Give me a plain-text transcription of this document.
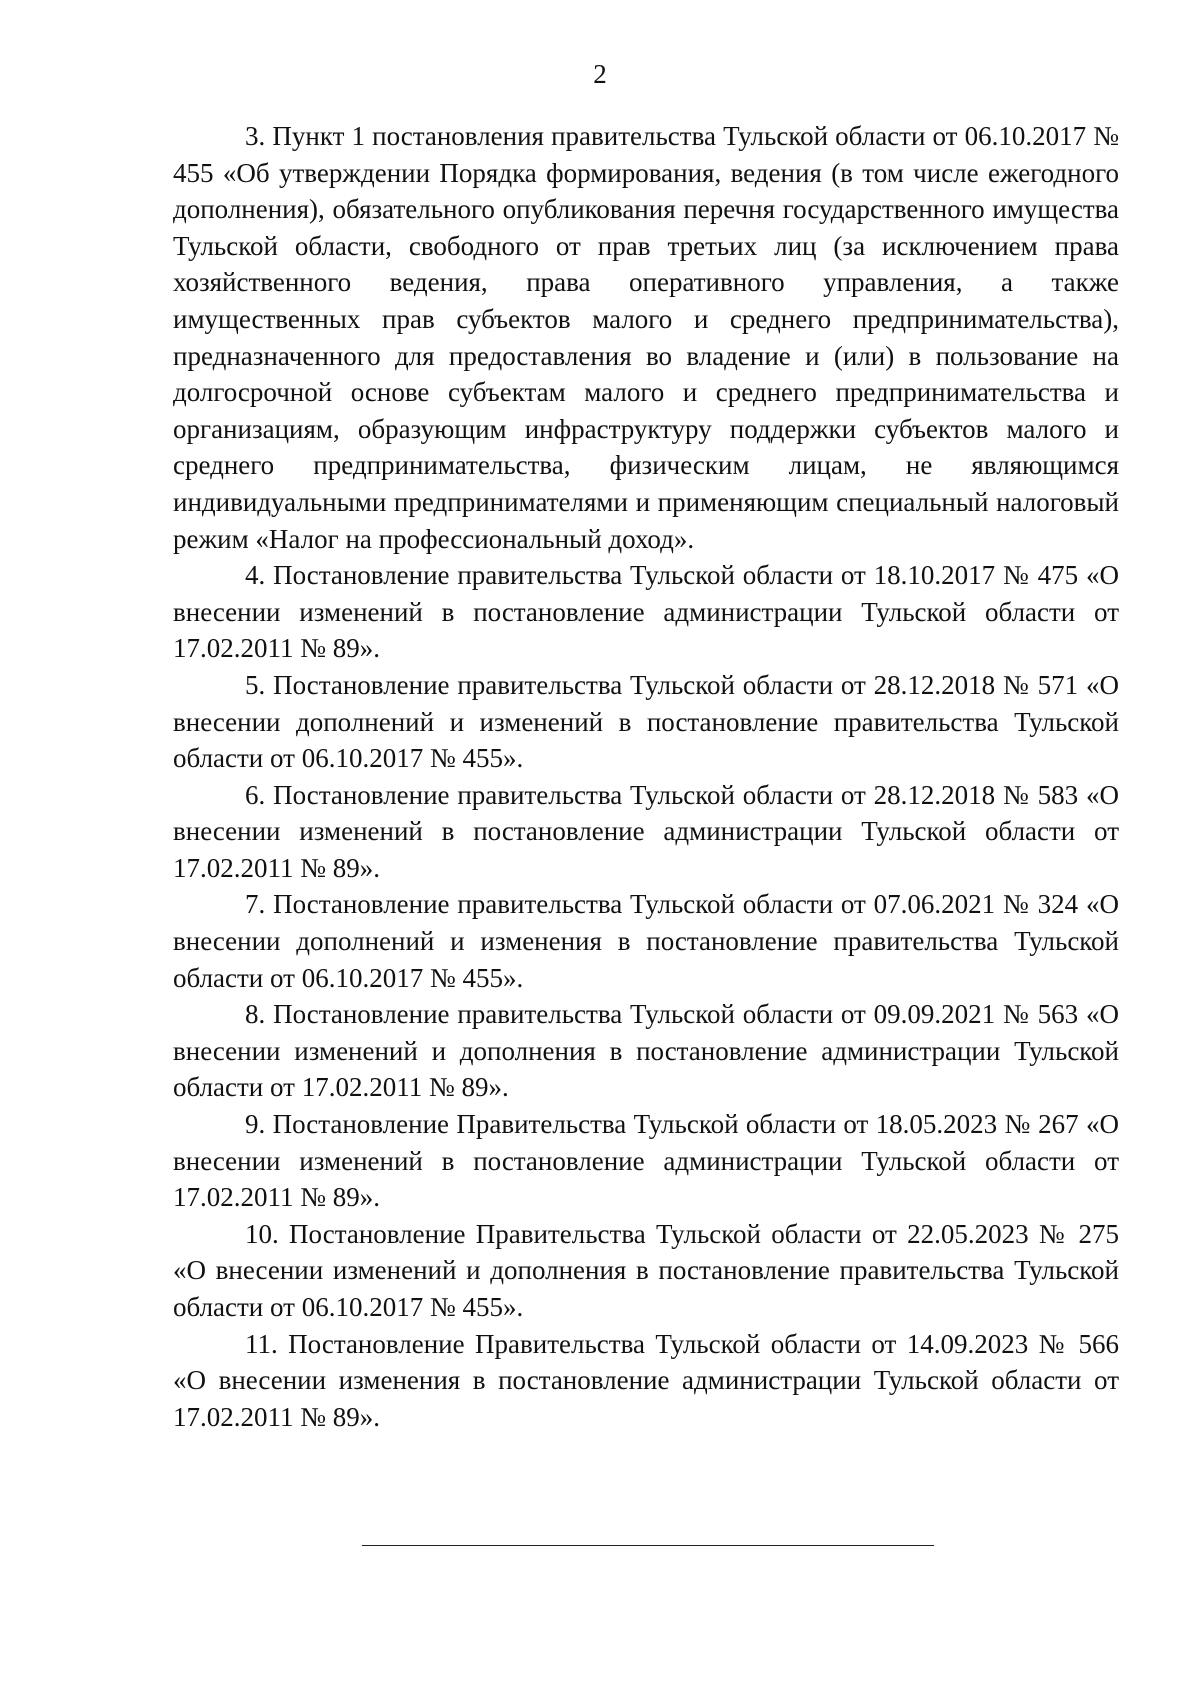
2

3. Пункт 1 постановления правительства Тульской области от 06.10.2017 № 455 «Об утверждении Порядка формирования, ведения (в том числе ежегодного дополнения), обязательного опубликования перечня государственного имущества Тульской области, свободного от прав третьих лиц (за исключением права хозяйственного ведения, права оперативного управления, а также имущественных прав субъектов малого и среднего предпринимательства), предназначенного для предоставления во владение и (или) в пользование на долгосрочной основе субъектам малого и среднего предпринимательства и организациям, образующим инфраструктуру поддержки субъектов малого и среднего предпринимательства, физическим лицам, не являющимся индивидуальными предпринимателями и применяющим специальный налоговый режим «Налог на профессиональный доход».

4. Постановление правительства Тульской области от 18.10.2017 № 475 «О внесении изменений в постановление администрации Тульской области от 17.02.2011 № 89».

5. Постановление правительства Тульской области от 28.12.2018 № 571 «О внесении дополнений и изменений в постановление правительства Тульской области от 06.10.2017 № 455».

6. Постановление правительства Тульской области от 28.12.2018 № 583 «О внесении изменений в постановление администрации Тульской области от 17.02.2011 № 89».

7. Постановление правительства Тульской области от 07.06.2021 № 324 «О внесении дополнений и изменения в постановление правительства Тульской области от 06.10.2017 № 455».

8. Постановление правительства Тульской области от 09.09.2021 № 563 «О внесении изменений и дополнения в постановление администрации Тульской области от 17.02.2011 № 89».

9. Постановление Правительства Тульской области от 18.05.2023 № 267 «О внесении изменений в постановление администрации Тульской области от 17.02.2011 № 89».

10. Постановление Правительства Тульской области от 22.05.2023 № 275 «О внесении изменений и дополнения в постановление правительства Тульской области от 06.10.2017 № 455».

11. Постановление Правительства Тульской области от 14.09.2023 № 566 «О внесении изменения в постановление администрации Тульской области от 17.02.2011 № 89».
